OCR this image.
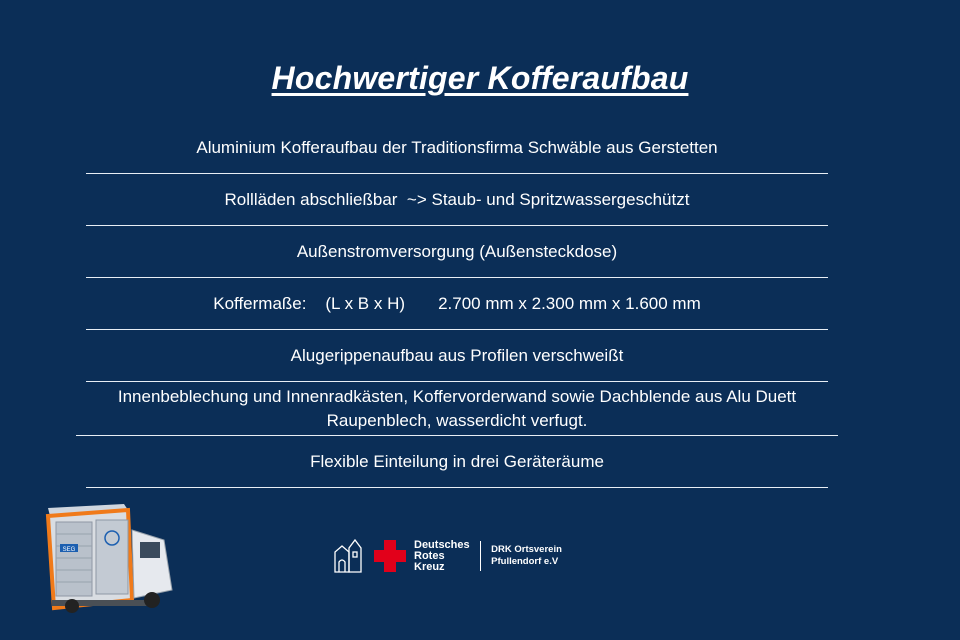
Hochwertiger Kofferaufbau
Aluminium Kofferaufbau der Traditionsfirma Schwäble aus Gerstetten
Rollläden abschließbar  ~> Staub- und Spritzwassergeschützt
Außenstromversorgung (Außensteckdose)
Koffermaße:    (L x B x H)       2.700 mm x 2.300 mm x 1.600 mm
Alugerippenaufbau aus Profilen verschweißt
Innenbeblechung und Innenradkästen, Koffervorderwand sowie Dachblende aus Alu Duett Raupenblech, wasserdicht verfugt.
Flexible Einteilung in drei Geräteräume
SEG	Deutsches
Rotes
Kreuz
DRK Ortsverein
Pfullendorf e.V
